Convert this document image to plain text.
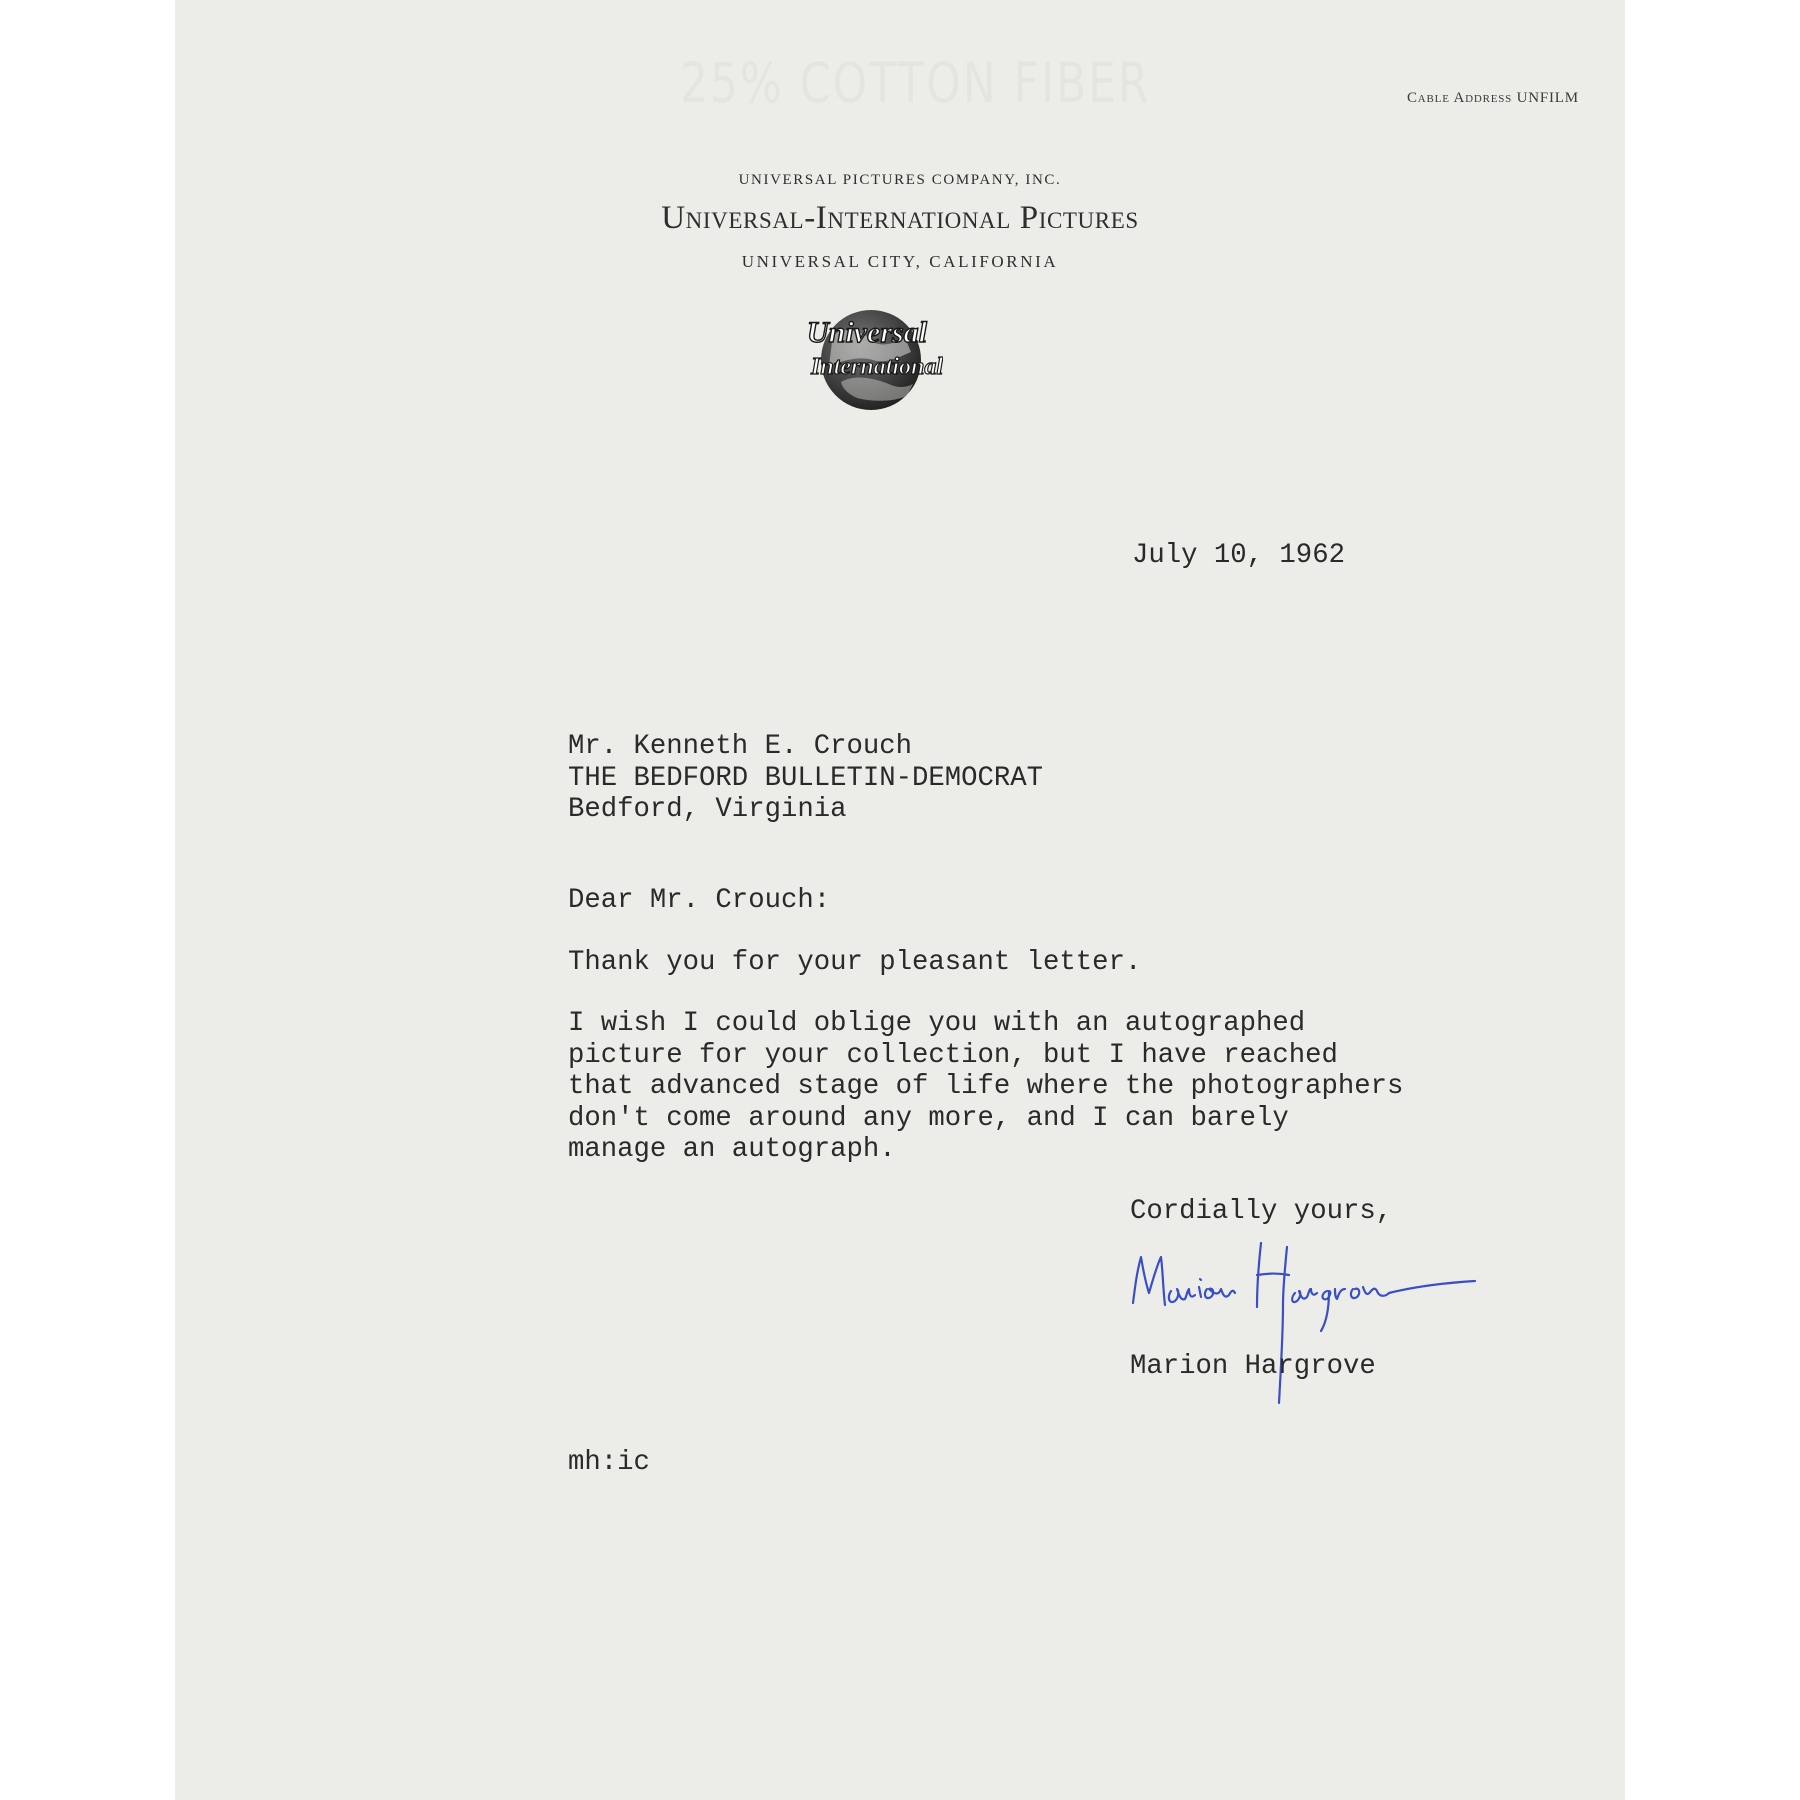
25% COTTON FIBER	Cable Address UNFILM
UNIVERSAL PICTURES COMPANY, INC.
Universal-International Pictures
UNIVERSAL CITY, CALIFORNIA
Universal
International

July 10, 1962

Mr. Kenneth E. Crouch
THE BEDFORD BULLETIN-DEMOCRAT
Bedford, Virginia

Dear Mr. Crouch:

Thank you for your pleasant letter.

I wish I could oblige you with an autographed
picture for your collection, but I have reached
that advanced stage of life where the photographers
don't come around any more, and I can barely
manage an autograph.

Cordially yours,

Marion Hargrove

mh:ic
